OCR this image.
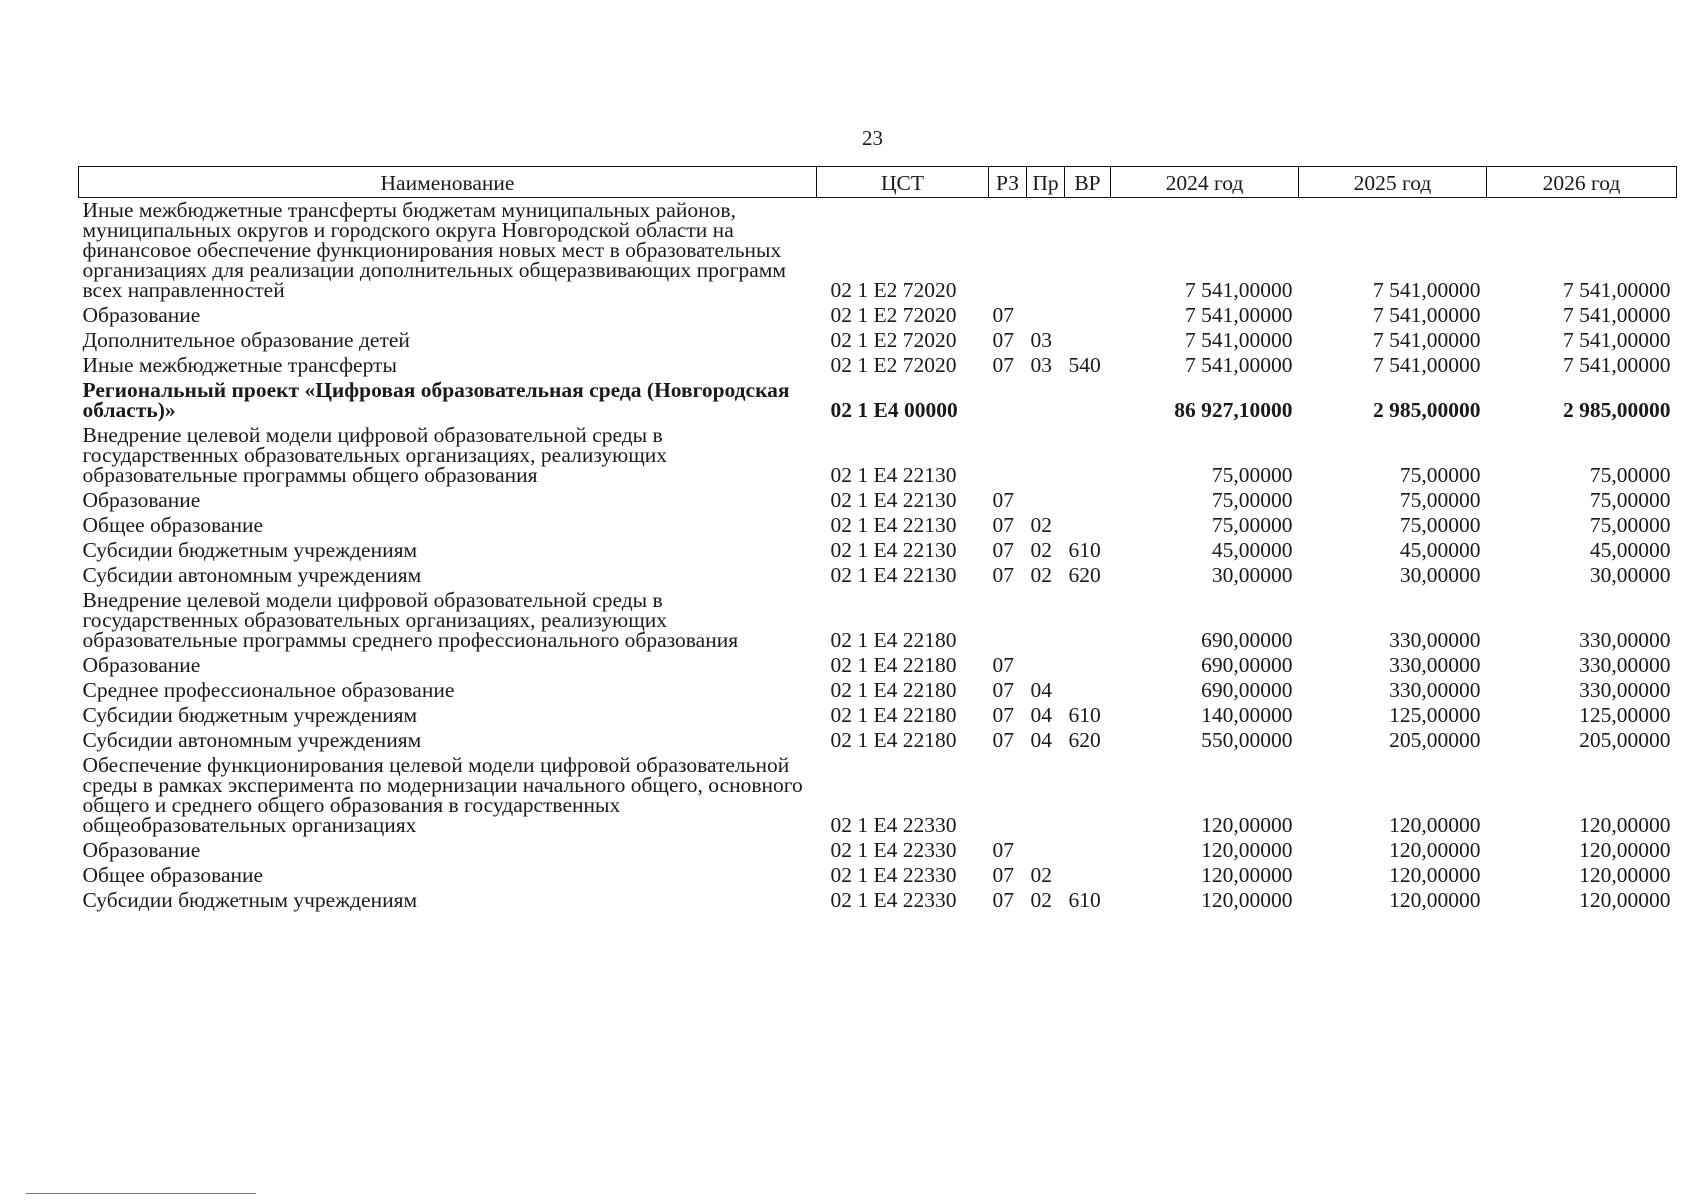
23
Наименование	ЦСТ	РЗ	Пр	ВР	2024 год	2025 год	2026 год
Иные межбюджетные трансферты бюджетам муниципальных районов, муниципальных округов и городского округа Новгородской области на финансовое обеспечение функционирования новых мест в образовательных организациях для реализации дополнительных общеразвивающих программ всех направленностей	02 1 Е2 72020				7 541,00000	7 541,00000	7 541,00000
Образование	02 1 Е2 72020	07			7 541,00000	7 541,00000	7 541,00000
Дополнительное образование детей	02 1 Е2 72020	07	03		7 541,00000	7 541,00000	7 541,00000
Иные межбюджетные трансферты	02 1 Е2 72020	07	03	540	7 541,00000	7 541,00000	7 541,00000
Региональный проект «Цифровая образовательная среда (Новгородская область)»	02 1 Е4 00000				86 927,10000	2 985,00000	2 985,00000
Внедрение целевой модели цифровой образовательной среды в государственных образовательных организациях, реализующих образовательные программы общего образования	02 1 Е4 22130				75,00000	75,00000	75,00000
Образование	02 1 Е4 22130	07			75,00000	75,00000	75,00000
Общее образование	02 1 Е4 22130	07	02		75,00000	75,00000	75,00000
Субсидии бюджетным учреждениям	02 1 Е4 22130	07	02	610	45,00000	45,00000	45,00000
Субсидии автономным учреждениям	02 1 Е4 22130	07	02	620	30,00000	30,00000	30,00000
Внедрение целевой модели цифровой образовательной среды в государственных образовательных организациях, реализующих образовательные программы среднего профессионального образования	02 1 Е4 22180				690,00000	330,00000	330,00000
Образование	02 1 Е4 22180	07			690,00000	330,00000	330,00000
Среднее профессиональное образование	02 1 Е4 22180	07	04		690,00000	330,00000	330,00000
Субсидии бюджетным учреждениям	02 1 Е4 22180	07	04	610	140,00000	125,00000	125,00000
Субсидии автономным учреждениям	02 1 Е4 22180	07	04	620	550,00000	205,00000	205,00000
Обеспечение функционирования целевой модели цифровой образовательной среды в рамках эксперимента по модернизации начального общего, основного общего и среднего общего образования в государственных общеобразовательных организациях	02 1 Е4 22330				120,00000	120,00000	120,00000
Образование	02 1 Е4 22330	07			120,00000	120,00000	120,00000
Общее образование	02 1 Е4 22330	07	02		120,00000	120,00000	120,00000
Субсидии бюджетным учреждениям	02 1 Е4 22330	07	02	610	120,00000	120,00000	120,00000
